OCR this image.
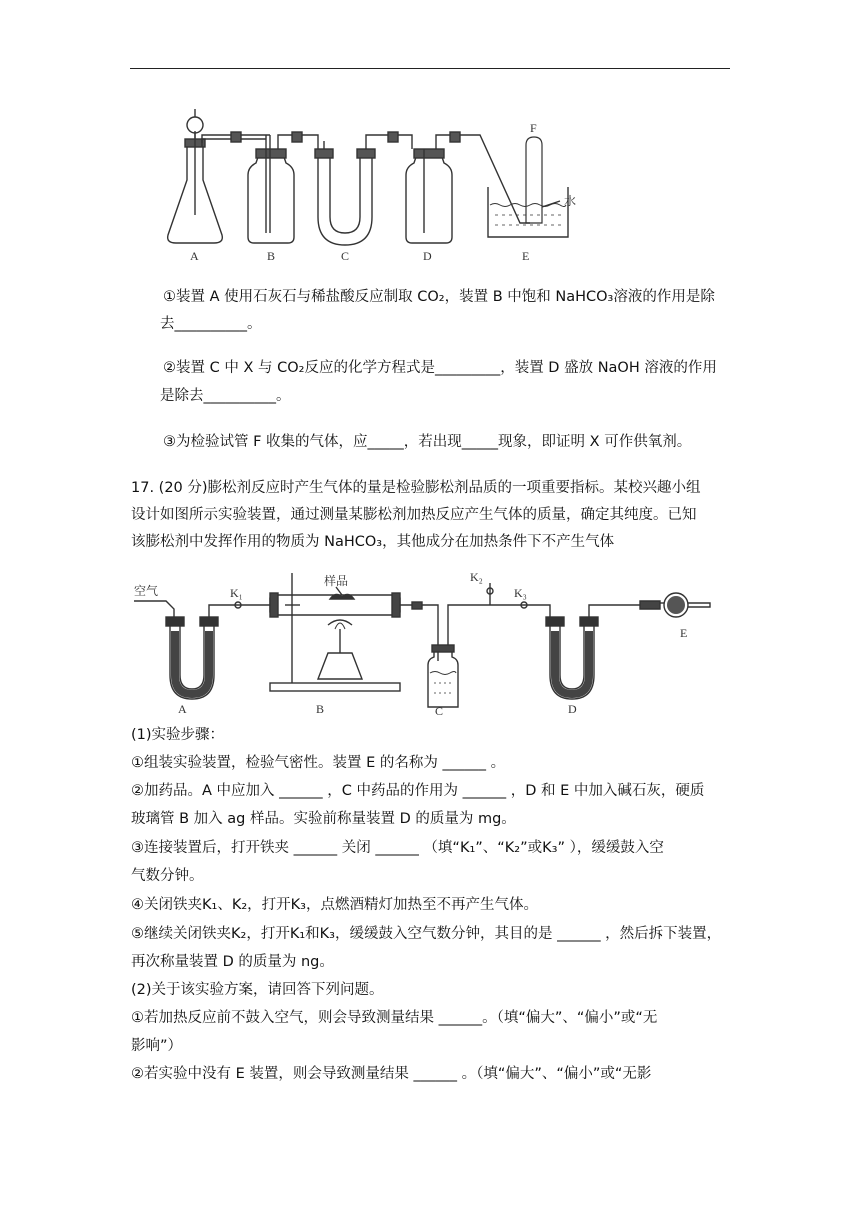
F
水
A	B	C	D	E
①装置 A 使用石灰石与稀盐酸反应制取 CO₂，装置 B 中饱和 NaHCO₃溶液的作用是除
去__________。
②装置 C 中 X 与 CO₂反应的化学方程式是_________，装置 D 盛放 NaOH 溶液的作用
是除去__________。
③为检验试管 F 收集的气体，应_____，若出现_____现象，即证明 X 可作供氧剂。
17. (20 分)膨松剂反应时产生气体的量是检验膨松剂品质的一项重要指标。某校兴趣小组
设计如图所示实验装置，通过测量某膨松剂加热反应产生气体的质量，确定其纯度。已知
该膨松剂中发挥作用的物质为 NaHCO₃，其他成分在加热条件下不产生气体
空气	K₁
样品	K₂
K₃
A	B	C	D
E
(1)实验步骤：
①组装实验装置，检验气密性。装置 E 的名称为 ______ 。
②加药品。A 中应加入 ______ ，C 中药品的作用为 ______ ，D 和 E 中加入碱石灰，硬质
玻璃管 B 加入 ag 样品。实验前称量装置 D 的质量为 mg。
③连接装置后，打开铁夹 ______ 关闭 ______ （填“K₁”、“K₂”或K₃” ），缓缓鼓入空
气数分钟。
④关闭铁夹K₁、K₂，打开K₃，点燃酒精灯加热至不再产生气体。
⑤继续关闭铁夹K₂，打开K₁和K₃，缓缓鼓入空气数分钟，其目的是 ______ ，然后拆下装置，
再次称量装置 D 的质量为 ng。
(2)关于该实验方案，请回答下列问题。
①若加热反应前不鼓入空气，则会导致测量结果 ______。（填“偏大”、“偏小”或“无
影响”）
②若实验中没有 E 装置，则会导致测量结果 ______ 。（填“偏大”、“偏小”或“无影
